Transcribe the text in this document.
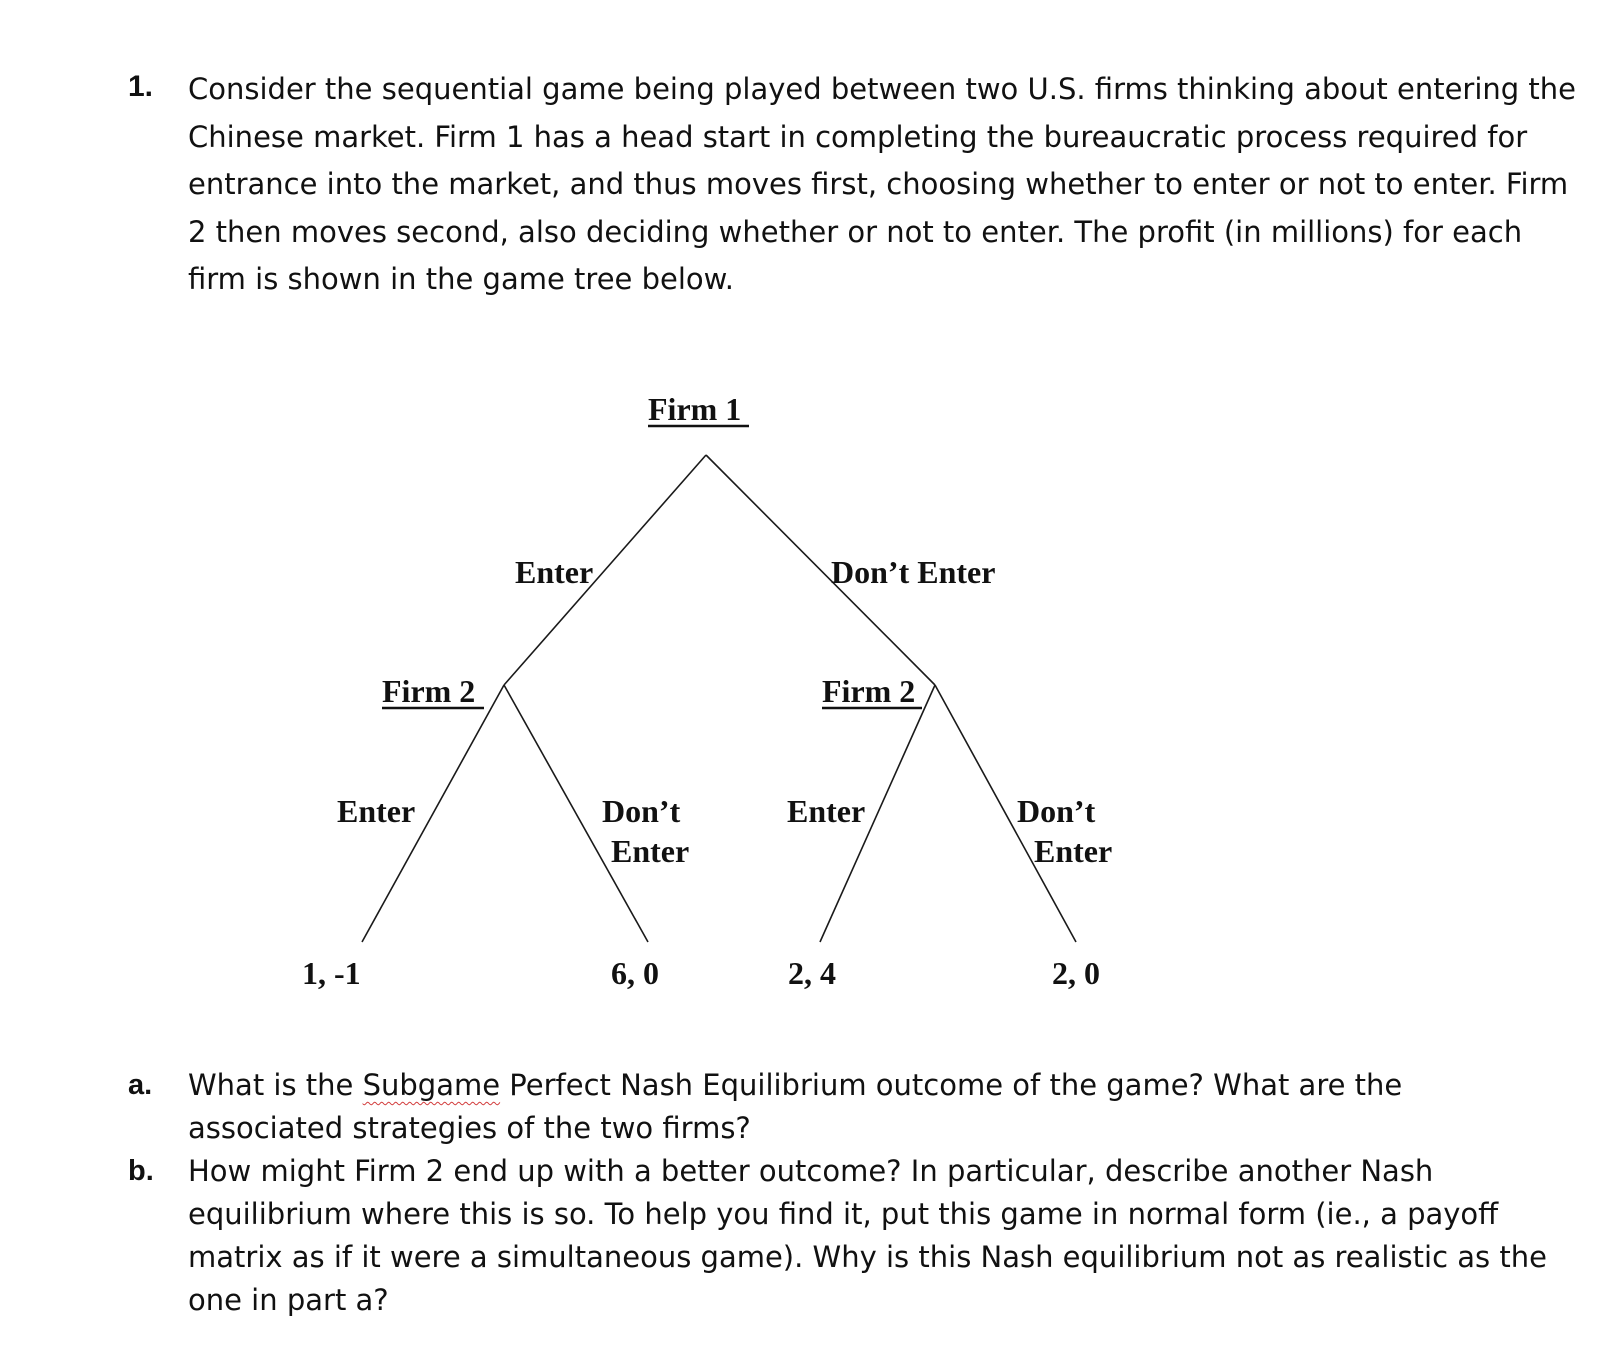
1. Consider the sequential game being played between two U.S. firms thinking about entering the Chinese market. Firm 1 has a head start in completing the bureaucratic process required for entrance into the market, and thus moves first, choosing whether to enter or not to enter. Firm 2 then moves second, also deciding whether or not to enter. The profit (in millions) for each firm is shown in the game tree below.

Firm 1
Enter	Don’t Enter
Firm 2
Enter	Don’t
Enter
Firm 2
Enter	Don’t
Enter
1, -1	6, 0	2, 4	2, 0
a. What is the Subgame Perfect Nash Equilibrium outcome of the game? What are the associated strategies of the two firms?
b. How might Firm 2 end up with a better outcome? In particular, describe another Nash equilibrium where this is so. To help you find it, put this game in normal form (ie., a payoff matrix as if it were a simultaneous game). Why is this Nash equilibrium not as realistic as the one in part a?
